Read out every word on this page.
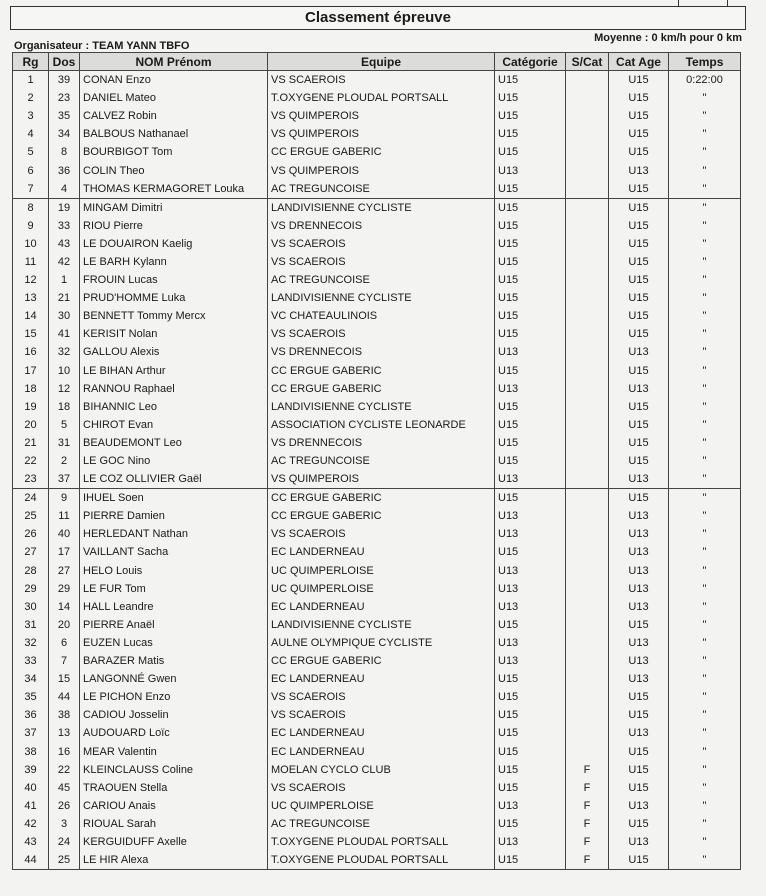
Classement épreuve
Organisateur : TEAM YANN TBFO
Moyenne : 0 km/h pour 0 km
Rg	Dos	NOM Prénom	Equipe	Catégorie	S/Cat	Cat Age	Temps
1	39	CONAN Enzo	VS SCAEROIS	U15		U15	0:22:00
2	23	DANIEL Mateo	T.OXYGENE PLOUDAL PORTSALL	U15		U15	"
3	35	CALVEZ Robin	VS QUIMPEROIS	U15		U15	"
4	34	BALBOUS Nathanael	VS QUIMPEROIS	U15		U15	"
5	8	BOURBIGOT Tom	CC ERGUE GABERIC	U15		U15	"
6	36	COLIN Theo	VS QUIMPEROIS	U13		U13	"
7	4	THOMAS KERMAGORET Louka	AC TREGUNCOISE	U15		U15	"
8	19	MINGAM Dimitri	LANDIVISIENNE CYCLISTE	U15		U15	"
9	33	RIOU Pierre	VS DRENNECOIS	U15		U15	"
10	43	LE DOUAIRON Kaelig	VS SCAEROIS	U15		U15	"
11	42	LE BARH Kylann	VS SCAEROIS	U15		U15	"
12	1	FROUIN Lucas	AC TREGUNCOISE	U15		U15	"
13	21	PRUD'HOMME Luka	LANDIVISIENNE CYCLISTE	U15		U15	"
14	30	BENNETT Tommy Mercx	VC CHATEAULINOIS	U15		U15	"
15	41	KERISIT Nolan	VS SCAEROIS	U15		U15	"
16	32	GALLOU Alexis	VS DRENNECOIS	U13		U13	"
17	10	LE BIHAN Arthur	CC ERGUE GABERIC	U15		U15	"
18	12	RANNOU Raphael	CC ERGUE GABERIC	U13		U13	"
19	18	BIHANNIC Leo	LANDIVISIENNE CYCLISTE	U15		U15	"
20	5	CHIROT Evan	ASSOCIATION CYCLISTE LEONARDE	U15		U15	"
21	31	BEAUDEMONT Leo	VS DRENNECOIS	U15		U15	"
22	2	LE GOC Nino	AC TREGUNCOISE	U15		U15	"
23	37	LE COZ OLLIVIER Gaël	VS QUIMPEROIS	U13		U13	"
24	9	IHUEL Soen	CC ERGUE GABERIC	U15		U15	"
25	11	PIERRE Damien	CC ERGUE GABERIC	U13		U13	"
26	40	HERLEDANT Nathan	VS SCAEROIS	U13		U13	"
27	17	VAILLANT Sacha	EC LANDERNEAU	U15		U13	"
28	27	HELO Louis	UC QUIMPERLOISE	U13		U13	"
29	29	LE FUR Tom	UC QUIMPERLOISE	U13		U13	"
30	14	HALL Leandre	EC LANDERNEAU	U13		U13	"
31	20	PIERRE Anaël	LANDIVISIENNE CYCLISTE	U15		U15	"
32	6	EUZEN Lucas	AULNE OLYMPIQUE CYCLISTE	U13		U13	"
33	7	BARAZER Matis	CC ERGUE GABERIC	U13		U13	"
34	15	LANGONNÉ Gwen	EC LANDERNEAU	U15		U13	"
35	44	LE PICHON Enzo	VS SCAEROIS	U15		U15	"
36	38	CADIOU Josselin	VS SCAEROIS	U15		U15	"
37	13	AUDOUARD Loïc	EC LANDERNEAU	U15		U13	"
38	16	MEAR Valentin	EC LANDERNEAU	U15		U15	"
39	22	KLEINCLAUSS Coline	MOELAN CYCLO CLUB	U15	F	U15	"
40	45	TRAOUEN Stella	VS SCAEROIS	U15	F	U15	"
41	26	CARIOU Anais	UC QUIMPERLOISE	U13	F	U13	"
42	3	RIOUAL Sarah	AC TREGUNCOISE	U15	F	U15	"
43	24	KERGUIDUFF Axelle	T.OXYGENE PLOUDAL PORTSALL	U13	F	U13	"
44	25	LE HIR Alexa	T.OXYGENE PLOUDAL PORTSALL	U15	F	U15	"
